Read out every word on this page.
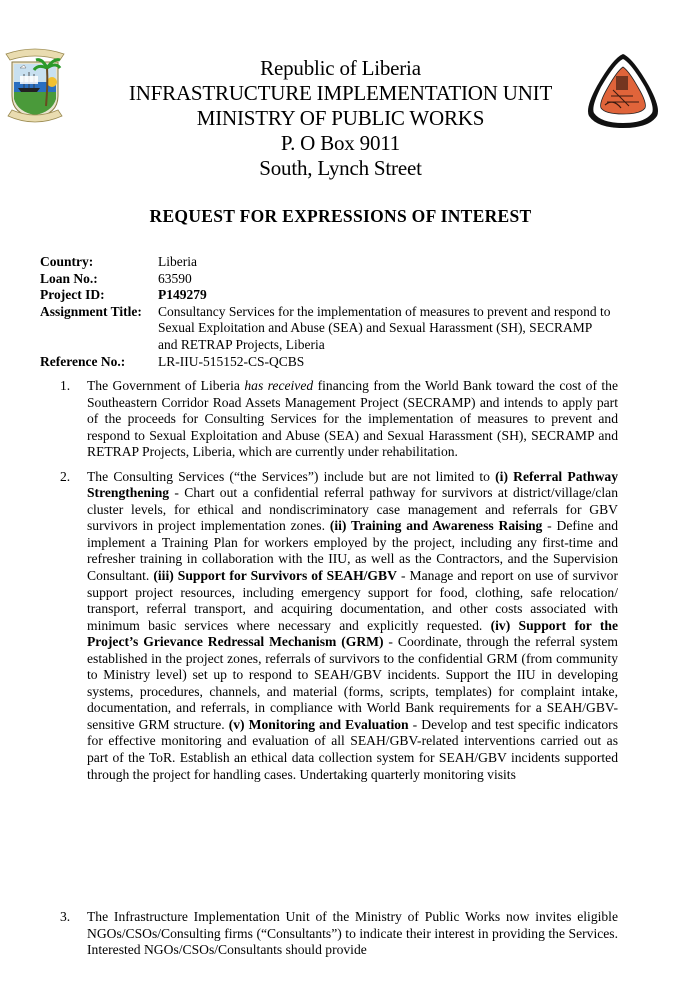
Republic of Liberia
INFRASTRUCTURE IMPLEMENTATION UNIT
MINISTRY OF PUBLIC WORKS
P. O Box 9011
South, Lynch Street
REQUEST FOR EXPRESSIONS OF INTEREST
Country:	Liberia
Loan No.:	63590
Project ID:	P149279
Assignment Title:	Consultancy Services for the implementation of measures to prevent and respond to Sexual Exploitation and Abuse (SEA) and Sexual Harassment (SH), SECRAMP and RETRAP Projects, Liberia
Reference No.:	LR-IIU-515152-CS-QCBS
1.	The Government of Liberia has received financing from the World Bank toward the cost of the Southeastern Corridor Road Assets Management Project (SECRAMP) and intends to apply part of the proceeds for Consulting Services for the implementation of measures to prevent and respond to Sexual Exploitation and Abuse (SEA) and Sexual Harassment (SH), SECRAMP and RETRAP Projects, Liberia, which are currently under rehabilitation.
2.	The Consulting Services (“the Services”) include but are not limited to (i) Referral Pathway Strengthening - Chart out a confidential referral pathway for survivors at district/village/clan cluster levels, for ethical and nondiscriminatory case management and referrals for GBV survivors in project implementation zones. (ii) Training and Awareness Raising - Define and implement a Training Plan for workers employed by the project, including any first-time and refresher training in collaboration with the IIU, as well as the Contractors, and the Supervision Consultant. (iii) Support for Survivors of SEAH/GBV - Manage and report on use of survivor support project resources, including emergency support for food, clothing, safe relocation/ transport, referral transport, and acquiring documentation, and other costs associated with minimum basic services where necessary and explicitly requested. (iv) Support for the Project’s Grievance Redressal Mechanism (GRM) - Coordinate, through the referral system established in the project zones, referrals of survivors to the confidential GRM (from community to Ministry level) set up to respond to SEAH/GBV incidents. Support the IIU in developing systems, procedures, channels, and material (forms, scripts, templates) for complaint intake, documentation, and referrals, in compliance with World Bank requirements for a SEAH/GBV-sensitive GRM structure. (v) Monitoring and Evaluation - Develop and test specific indicators for effective monitoring and evaluation of all SEAH/GBV-related interventions carried out as part of the ToR. Establish an ethical data collection system for SEAH/GBV incidents supported through the project for handling cases. Undertaking quarterly monitoring visits
3.	The Infrastructure Implementation Unit of the Ministry of Public Works now invites eligible NGOs/CSOs/Consulting firms (“Consultants”) to indicate their interest in providing the Services. Interested NGOs/CSOs/Consultants should provide
